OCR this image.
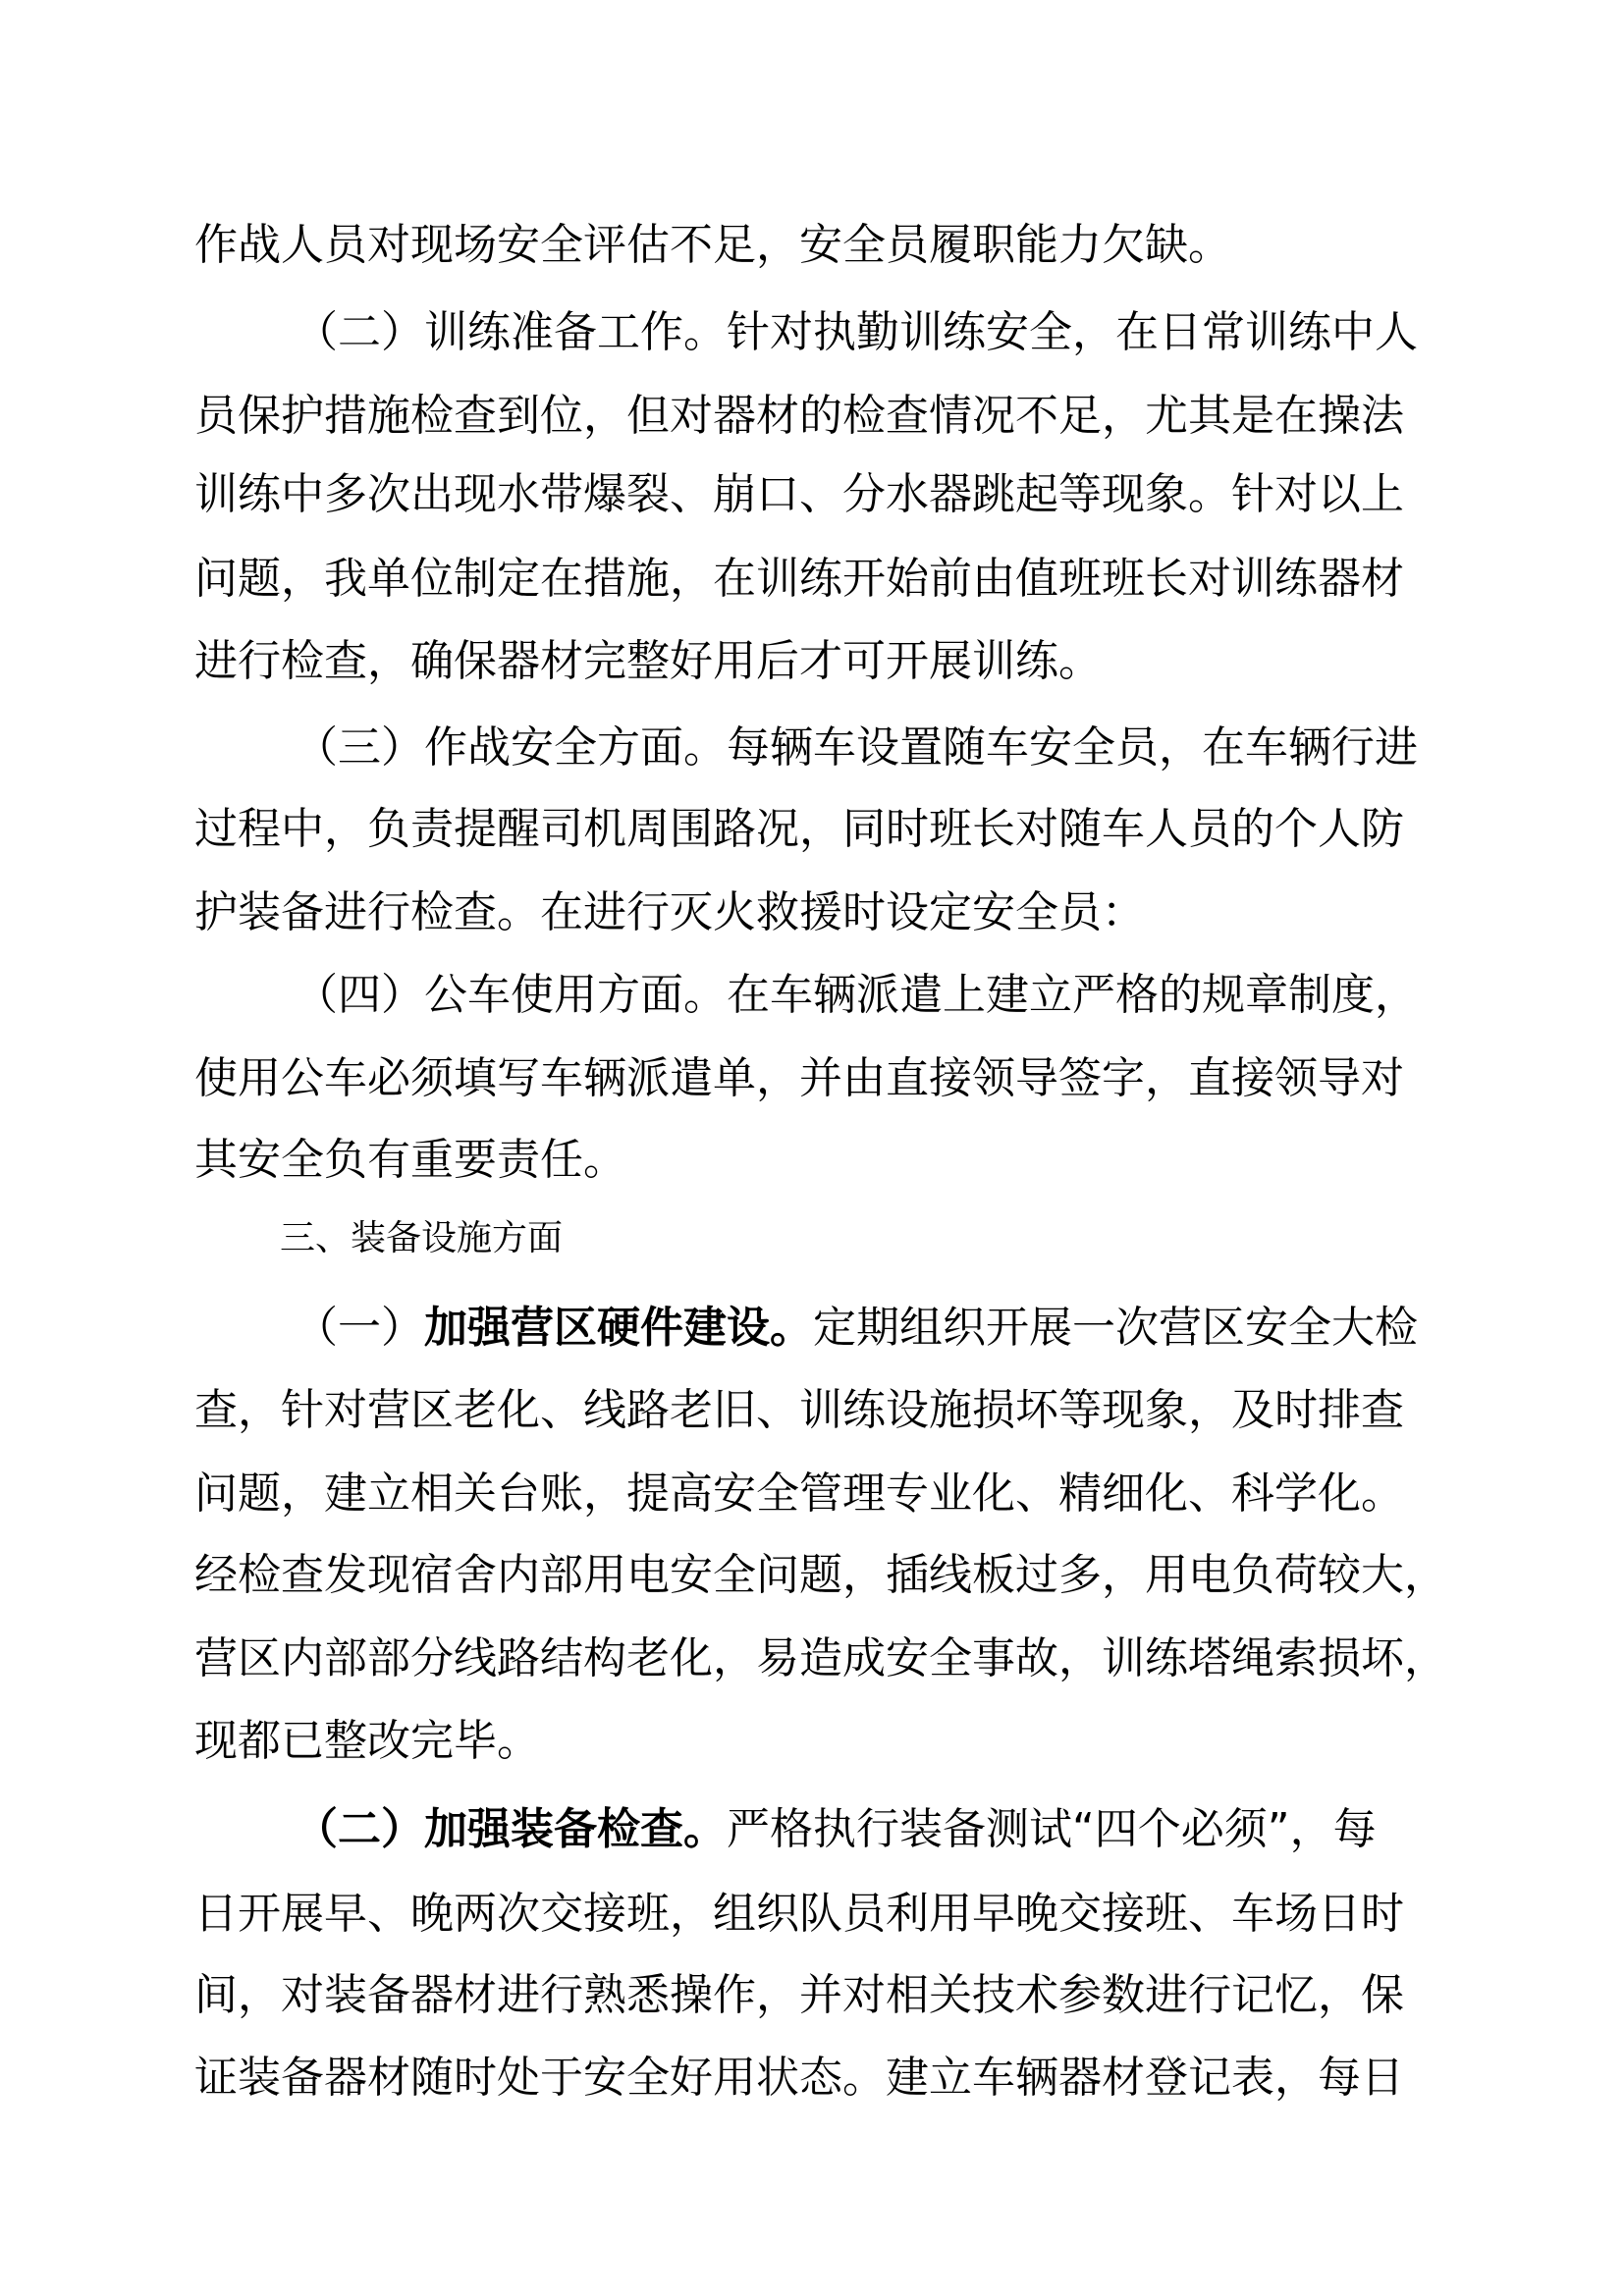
作战人员对现场安全评估不足，安全员履职能力欠缺。
（二）训练准备工作。针对执勤训练安全，在日常训练中人
员保护措施检查到位，但对器材的检查情况不足，尤其是在操法
训练中多次出现水带爆裂、崩口、分水器跳起等现象。针对以上
问题，我单位制定在措施，在训练开始前由值班班长对训练器材
进行检查，确保器材完整好用后才可开展训练。
（三）作战安全方面。每辆车设置随车安全员，在车辆行进
过程中，负责提醒司机周围路况，同时班长对随车人员的个人防
护装备进行检查。在进行灭火救援时设定安全员：
（四）公车使用方面。在车辆派遣上建立严格的规章制度，
使用公车必须填写车辆派遣单，并由直接领导签字，直接领导对
其安全负有重要责任。
三、装备设施方面
（一）加强营区硬件建设。定期组织开展一次营区安全大检
查，针对营区老化、线路老旧、训练设施损坏等现象，及时排查
问题，建立相关台账，提高安全管理专业化、精细化、科学化。
经检查发现宿舍内部用电安全问题，插线板过多，用电负荷较大，
营区内部部分线路结构老化，易造成安全事故，训练塔绳索损坏，
现都已整改完毕。
（二）加强装备检查。严格执行装备测试“四个必须”，每
日开展早、晚两次交接班，组织队员利用早晚交接班、车场日时
间，对装备器材进行熟悉操作，并对相关技术参数进行记忆，保
证装备器材随时处于安全好用状态。建立车辆器材登记表，每日
